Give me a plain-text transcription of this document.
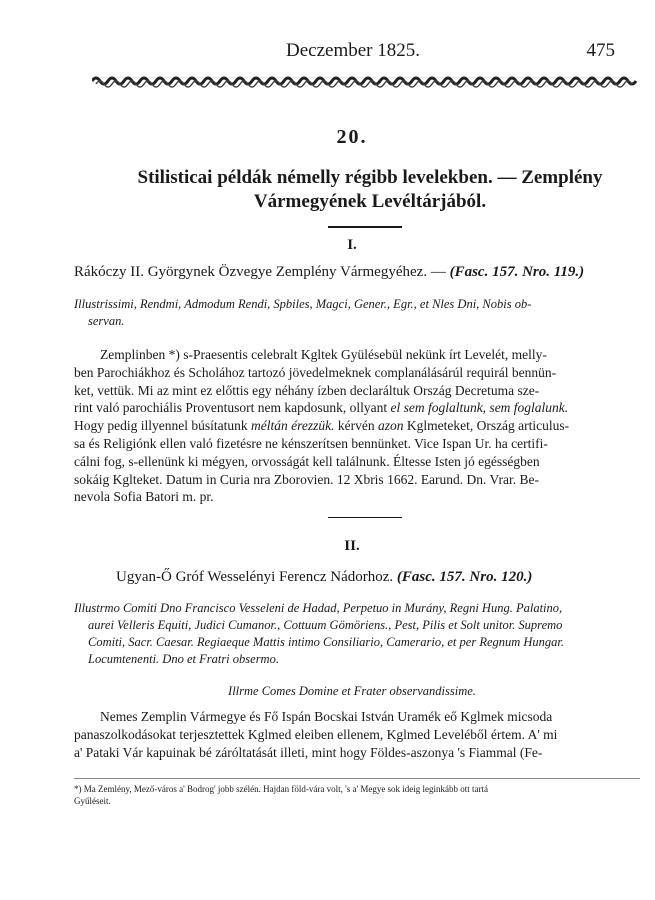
Deczember 1825.	475
20.
Stilisticai példák némelly régibb levelekben. — Zemplény
Vármegyének Levéltárjából.
I.
Rákóczy II. Györgynek Özvegye Zemplény Vármegyéhez. — (Fasc. 157. Nro. 119.)
Illustrissimi, Rendmi, Admodum Rendi, Spbiles, Magci, Gener., Egr., et Nles Dni, Nobis ob-
servan.
Zemplinben *) s-Praesentis celebralt Kgltek Gyülésebül nekünk írt Levelét, melly-
ben Parochiákhoz és Scholához tartozó jövedelmeknek complanálásárúl requirál bennün-
ket, vettük. Mi az mint ez előttis egy néhány ízben declaráltuk Ország Decretuma sze-
rint való parochiális Proventusort nem kapdosunk, ollyant el sem foglaltunk, sem foglalunk.
Hogy pedig illyennel búsítatunk méltán érezzük. kérvén azon Kglmeteket, Ország articulus-
sa és Religiónk ellen való fizetésre ne kénszerítsen bennünket. Vice Ispan Ur. ha certifi-
cálni fog, s-ellenünk ki mégyen, orvosságát kell találnunk. Éltesse Isten jó egésségben
sokáig Kglteket. Datum in Curia nra Zborovien. 12 Xbris 1662. Earund. Dn. Vrar. Be-
nevola Sofia Batori m. pr.
II.
Ugyan-Ő Gróf Wesselényi Ferencz Nádorhoz. (Fasc. 157. Nro. 120.)
Illustrmo Comiti Dno Francisco Vesseleni de Hadad, Perpetuo in Murány, Regni Hung. Palatino,
aurei Velleris Equiti, Judici Cumanor., Cottuum Gömöriens., Pest, Pilis et Solt unitor. Supremo
Comiti, Sacr. Caesar. Regiaeque Mattis intimo Consiliario, Camerario, et per Regnum Hungar.
Locumtenenti. Dno et Fratri obsermo.
Illrme Comes Domine et Frater observandissime.
Nemes Zemplin Vármegye és Fő Ispán Bocskai István Uramék eő Kglmek micsoda
panaszolkodásokat terjesztettek Kglmed eleiben ellenem, Kglmed Leveléből értem. A' mi
a' Pataki Vár kapuinak bé záróltatását illeti, mint hogy Földes-aszonya 's Fiammal (Fe-
*) Ma Zemlény, Mező-város a' Bodrog' jobb szélén. Hajdan föld-vára volt, 's a' Megye sok ideig leginkább ott tartá
Gyűléseit.
